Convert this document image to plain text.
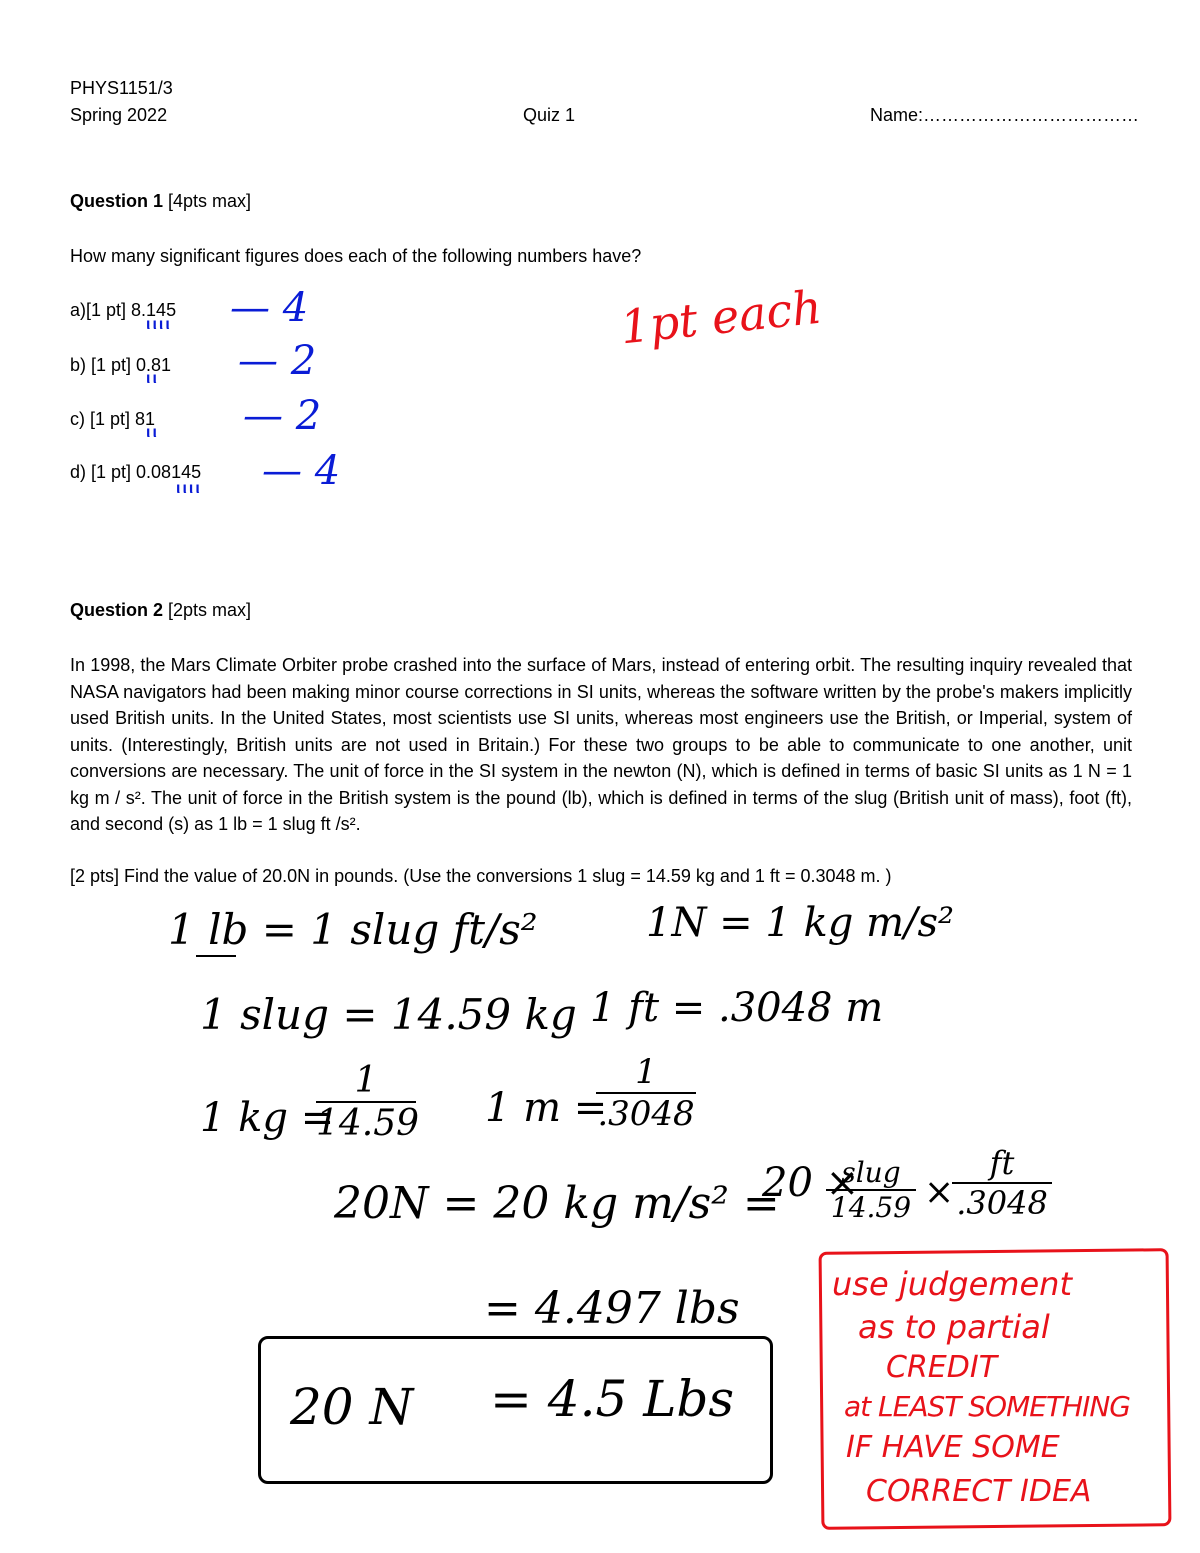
PHYS1151/3
Spring 2022	Quiz 1	Name:………………………………
Question 1 [4pts max]
How many significant figures does each of the following numbers have?
a)[1 pt] 8.145
b) [1 pt] 0.81
c) [1 pt] 81
d) [1 pt] 0.08145
ιιιι
ιι
ιι
ιιιι
— 4
— 2
— 2
— 4
1pt each
Question 2 [2pts max]
In 1998, the Mars Climate Orbiter probe crashed into the surface of Mars, instead of entering orbit. The resulting inquiry revealed that NASA navigators had been making minor course corrections in SI units, whereas the software written by the probe's makers implicitly used British units. In the United States, most scientists use SI units, whereas most engineers use the British, or Imperial, system of units. (Interestingly, British units are not used in Britain.) For these two groups to be able to communicate to one another, unit conversions are necessary. The unit of force in the SI system in the newton (N), which is defined in terms of basic SI units as 1 N = 1 kg m / s². The unit of force in the British system is the pound (lb), which is defined in terms of the slug (British unit of mass), foot (ft), and second (s) as 1 lb = 1 slug ft /s².
[2 pts] Find the value of 20.0N in pounds. (Use the conversions 1 slug = 14.59 kg and 1 ft = 0.3048 m. )
1 lb = 1 slug ft/s²	1N = 1 kg m/s²
1 slug = 14.59 kg 1 ft = .3048 m
1 kg =
$\frac{1}{14.59} 1$ m =
$\frac{1}{.3048}$
20N = 20 kg m/s² =
20 ×
slug
14.59 ×
$\frac{ft}{.3048}$
= 4.497 lbs
20 N = 4.5 Lbs
use judgement
as to partial
CREDIT
at LEAST SOMETHING
IF HAVE SOME
CORRECT IDEA
